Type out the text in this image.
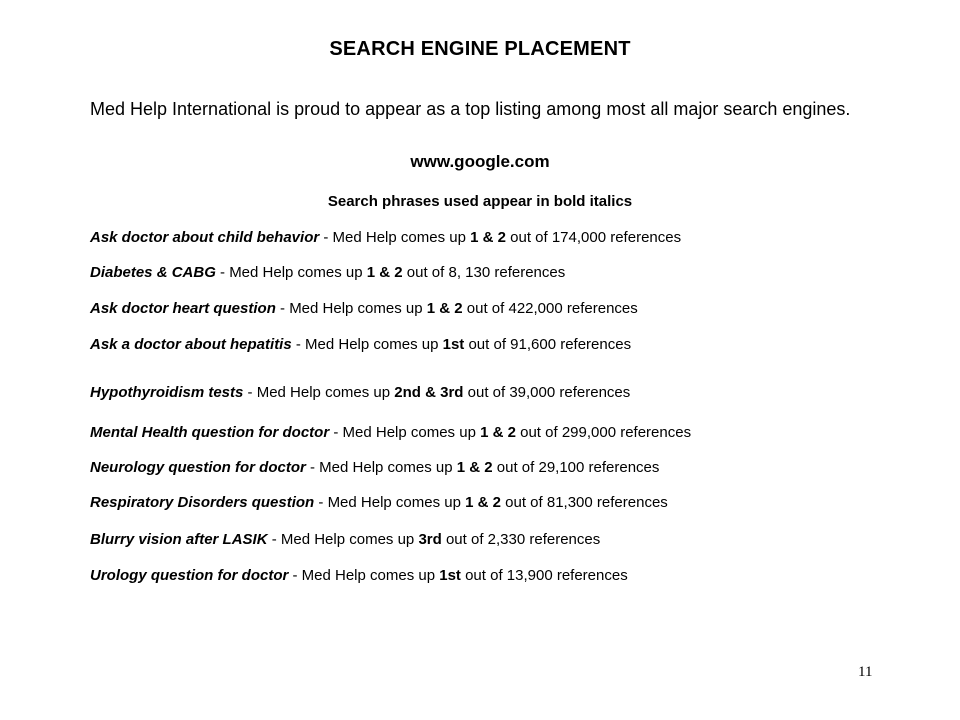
SEARCH ENGINE PLACEMENT
Med Help International is proud to appear as a top listing among most all major search engines.
www.google.com
Search phrases used appear in bold italics
Ask doctor about child behavior - Med Help comes up 1 & 2 out of 174,000 references
Diabetes & CABG - Med Help comes up 1 & 2 out of 8, 130 references
Ask doctor heart question - Med Help comes up 1 & 2 out of 422,000 references
Ask a doctor about hepatitis - Med Help comes up 1st out of 91,600 references
Hypothyroidism tests - Med Help comes up 2nd & 3rd out of 39,000 references
Mental Health question for doctor - Med Help comes up 1 & 2 out of 299,000 references
Neurology question for doctor - Med Help comes up 1 & 2 out of 29,100 references
Respiratory Disorders question - Med Help comes up 1 & 2 out of 81,300 references
Blurry vision after LASIK - Med Help comes up 3rd out of 2,330 references
Urology question for doctor - Med Help comes up 1st out of 13,900 references
11
